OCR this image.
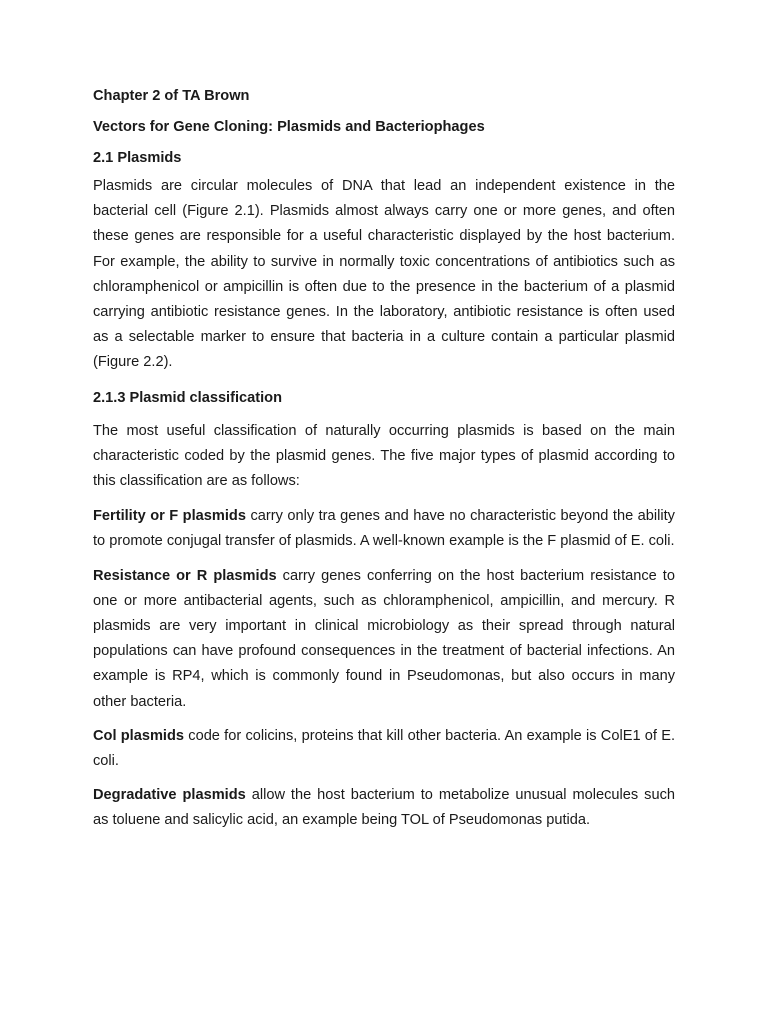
Chapter 2 of TA Brown

Vectors for Gene Cloning: Plasmids and Bacteriophages

2.1 Plasmids

Plasmids are circular molecules of DNA that lead an independent existence in the bacterial cell (Figure 2.1). Plasmids almost always carry one or more genes, and often these genes are responsible for a useful characteristic displayed by the host bacterium. For example, the ability to survive in normally toxic concentrations of antibiotics such as chloramphenicol or ampicillin is often due to the presence in the bacterium of a plasmid carrying antibiotic resistance genes. In the laboratory, antibiotic resistance is often used as a selectable marker to ensure that bacteria in a culture contain a particular plasmid (Figure 2.2).

2.1.3 Plasmid classification

The most useful classification of naturally occurring plasmids is based on the main characteristic coded by the plasmid genes. The five major types of plasmid according to this classification are as follows:

Fertility or F plasmids carry only tra genes and have no characteristic beyond the ability to promote conjugal transfer of plasmids. A well-known example is the F plasmid of E. coli.

Resistance or R plasmids carry genes conferring on the host bacterium resistance to one or more antibacterial agents, such as chloramphenicol, ampicillin, and mercury. R plasmids are very important in clinical microbiology as their spread through natural populations can have profound consequences in the treatment of bacterial infections. An example is RP4, which is commonly found in Pseudomonas, but also occurs in many other bacteria.

Col plasmids code for colicins, proteins that kill other bacteria. An example is ColE1 of E. coli.

Degradative plasmids allow the host bacterium to metabolize unusual molecules such as toluene and salicylic acid, an example being TOL of Pseudomonas putida.
